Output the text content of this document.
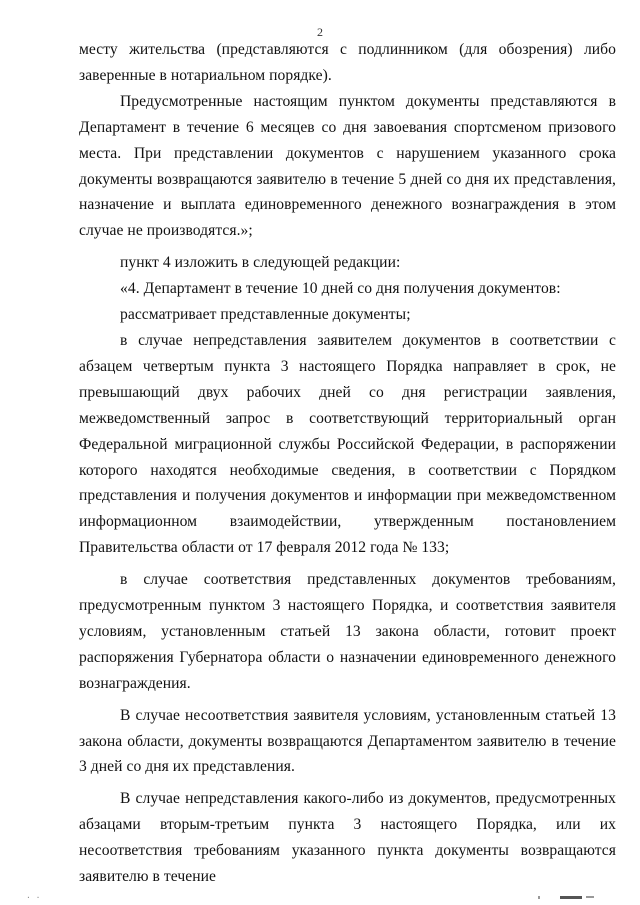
2

месту жительства (представляются с подлинником (для обозрения) либо заверенные в нотариальном порядке).

Предусмотренные настоящим пунктом документы представляются в Департамент в течение 6 месяцев со дня завоевания спортсменом призового места. При представлении документов с нарушением указанного срока документы возвращаются заявителю в течение 5 дней со дня их представления, назначение и выплата единовременного денежного вознаграждения в этом случае не производятся.»;

пункт 4 изложить в следующей редакции:

«4. Департамент в течение 10 дней со дня получения документов:

рассматривает представленные документы;

в случае непредставления заявителем документов в соответствии с абзацем четвертым пункта 3 настоящего Порядка направляет в срок, не превышающий двух рабочих дней со дня регистрации заявления, межведомственный запрос в соответствующий территориальный орган Федеральной миграционной службы Российской Федерации, в распоряжении которого находятся необходимые сведения, в соответствии с Порядком представления и получения документов и информации при межведомственном информационном взаимодействии, утвержденным постановлением Правительства области от 17 февраля 2012 года № 133;

в случае соответствия представленных документов требованиям, предусмотренным пунктом 3 настоящего Порядка, и соответствия заявителя условиям, установленным статьей 13 закона области, готовит проект распоряжения Губернатора области о назначении единовременного денежного вознаграждения.

В случае несоответствия заявителя условиям, установленным статьей 13 закона области, документы возвращаются Департаментом заявителю в течение 3 дней со дня их представления.

В случае непредставления какого-либо из документов, предусмотренных абзацами вторым-третьим пункта 3 настоящего Порядка, или их несоответствия требованиям указанного пункта документы возвращаются заявителю в течение

· ·
